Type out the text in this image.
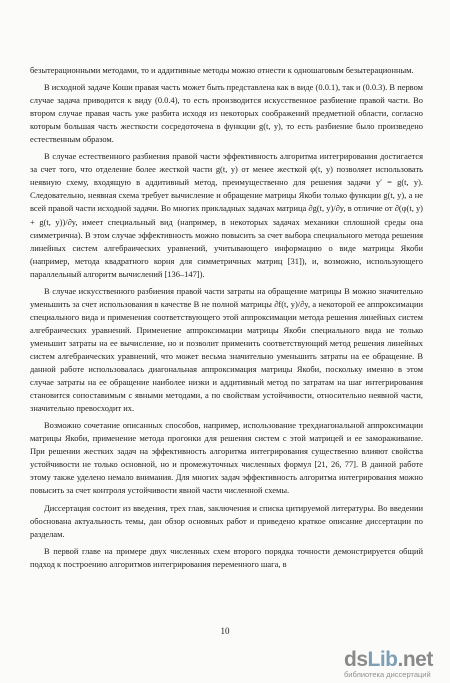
безытерационными методами, то и аддитивные методы можно отнести к одношаговым безытерационным.

В исходной задаче Коши правая часть может быть представлена как в виде (0.0.1), так и (0.0.3). В первом случае задача приводится к виду (0.0.4), то есть производится искусственное разбиение правой части. Во втором случае правая часть уже разбита исходя из некоторых соображений предметной области, согласно которым большая часть жесткости сосредоточена в функции g(t, y), то есть разбиение было произведено естественным образом.

В случае естественного разбиения правой части эффективность алгоритма интегрирования достигается за счет того, что отделение более жесткой части g(t, y) от менее жесткой φ(t, y) позволяет использовать неявную схему, входящую в аддитивный метод, преимущественно для решения задачи y′ = g(t, y). Следовательно, неявная схема требует вычисление и обращение матрицы Якоби только функции g(t, y), а не всей правой части исходной задачи. Во многих прикладных задачах матрица ∂g(t, y)/∂y, в отличие от ∂(φ(t, y) + g(t, y))/∂y, имеет специальный вид (например, в некоторых задачах механики сплошной среды она симметрична). В этом случае эффективность можно повысить за счет выбора специального метода решения линейных систем алгебраических уравнений, учитывающего информацию о виде матрицы Якоби (например, метода квадратного корня для симметричных матриц [31]), и, возможно, использующего параллельный алгоритм вычислений [136–147]).

В случае искусственного разбиения правой части затраты на обращение матрицы B можно значительно уменьшить за счет использования в качестве B не полной матрицы ∂f(t, y)/∂y, а некоторой ее аппроксимации специального вида и применения соответствующего этой аппроксимации метода решения линейных систем алгебраических уравнений. Применение аппроксимации матрицы Якоби специального вида не только уменьшит затраты на ее вычисление, но и позволит применить соответствующий метод решения линейных систем алгебраических уравнений, что может весьма значительно уменьшить затраты на ее обращение. В данной работе использовалась диагональная аппроксимация матрицы Якоби, поскольку именно в этом случае затраты на ее обращение наиболее низки и аддитивный метод по затратам на шаг интегрирования становится сопоставимым с явными методами, а по свойствам устойчивости, относительно неявной части, значительно превосходит их.

Возможно сочетание описанных способов, например, использование трехдиагональной аппроксимации матрицы Якоби, применение метода прогонки для решения систем с этой матрицей и ее замораживание. При решении жестких задач на эффективность алгоритма интегрирования существенно влияют свойства устойчивости не только основной, но и промежуточных численных формул [21, 26, 77]. В данной работе этому также уделено немало внимания. Для многих задач эффективность алгоритма интегрирования можно повысить за счет контроля устойчивости явной части численной схемы.

Диссертация состоит из введения, трех глав, заключения и списка цитируемой литературы. Во введении обоснована актуальность темы, дан обзор основных работ и приведено краткое описание диссертации по разделам.

В первой главе на примере двух численных схем второго порядка точности демонстрируется общий подход к построению алгоритмов интегрирования переменного шага, в

10
dsLib.net
библиотека диссертаций
